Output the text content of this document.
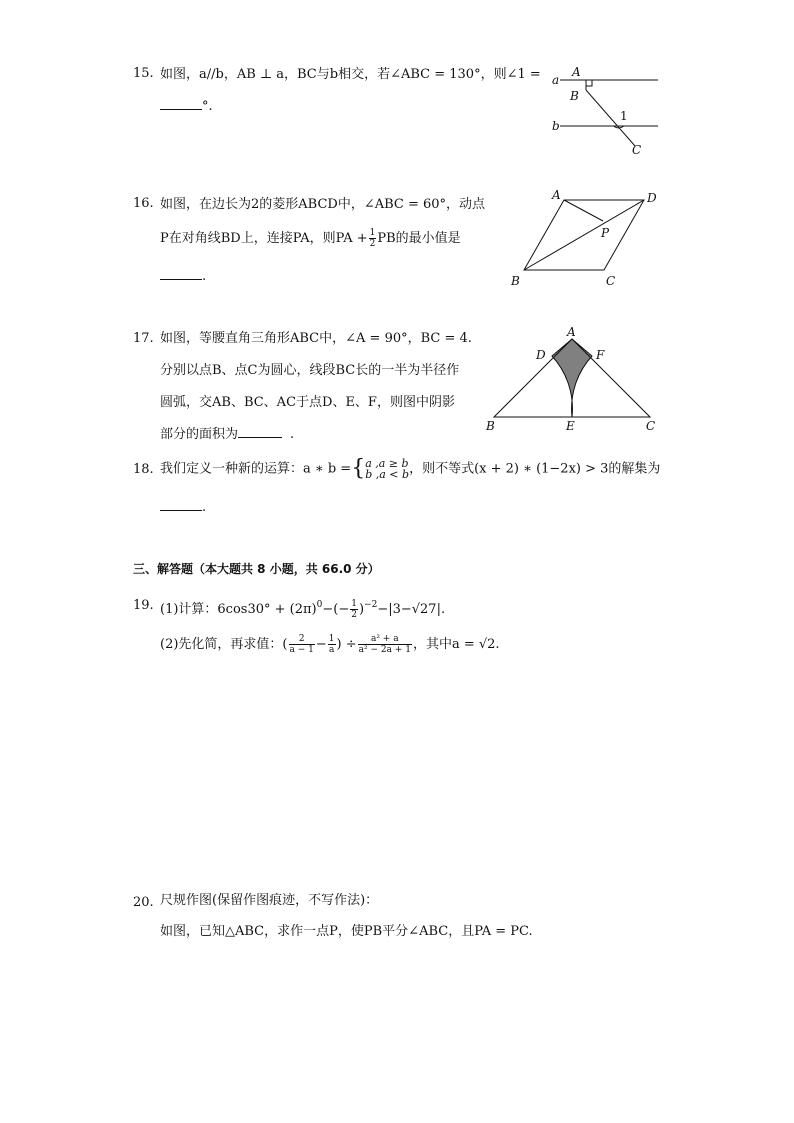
15. 如图，a//b，AB ⊥ a，BC与b相交，若∠ABC = 130°，则∠1 =
°.
a
b
A
B
C
1
16. 如图，在边长为2的菱形ABCD中，∠ABC = 60°，动点
P在对角线BD上，连接PA，则PA + $\frac{1}{2}$ PB的最小值是
.
A	D
P
B	C
17. 如图，等腰直角三角形ABC中，∠A = 90°，BC = 4.
分别以点B、点C为圆心，线段BC长的一半为半径作
圆弧，交AB、BC、AC于点D、E、F，则图中阴影
部分的面积为	.
A
D	F
B	E	C
18. 我们定义一种新的运算：a ∗ b ={ a ,a ≥ b
b ,a < b ，则不等式(x + 2) ∗ (1−2x) > 3的解集为
.
三、解答题（本大题共 8 小题，共 66.0 分）
19. (1)计算：$6\cos 30^\circ + (2\pi)^0-(- \frac{1}{2} )^{-2}-|3-√27|$.
(2)先化简，再求值：( $\frac{2}{a - 1} - \frac{1}{a}$ ) ÷ $\frac{\text{a² + a}}{\text{a² − 2a + 1}}$ ，其中a = √2.
20. 尺规作图(保留作图痕迹，不写作法)：
如图，已知△ABC，求作一点P，使PB平分∠ABC，且PA = PC.
